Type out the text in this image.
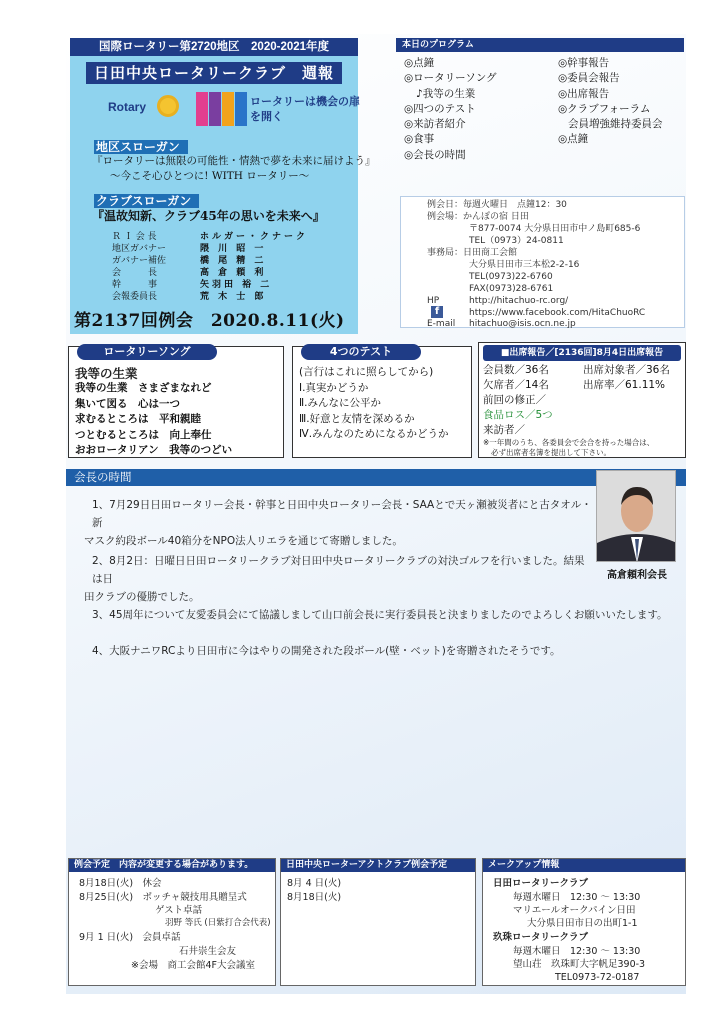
国際ロータリー第2720地区　2020-2021年度
日田中央ロータリークラブ　週報
Rotary	ロータリーは機会の扉を開く
地区スローガン
『ロータリーは無限の可能性・情熱で夢を未来に届けよう』
～今こそ心ひとつに! WITH ロータリー～
クラブスローガン
『温故知新、クラブ45年の思いを未来へ』
Ｒ Ｉ 会 長	ホルガー・クナーク
地区ガバナー	隈 川 昭 一
ガバナー補佐	橋 尾 精 二
会　　　長	高 倉 頼 利
幹　　　事	矢羽田 裕 二
会報委員長	荒 木 士 郎
第2137回例会　2020.8.11(火)
本日のプログラム
◎点鐘
◎ロータリーソング
♪我等の生業
◎四つのテスト
◎来訪者紹介
◎食事
◎会長の時間
◎幹事報告
◎委員会報告
◎出席報告
◎クラブフォーラム
会員増強維持委員会
◎点鐘
例会日：毎週火曜日　点鐘12：30
例会場：かんぽの宿 日田
〒877-0074 大分県日田市中ノ島町685-6
TEL（0973）24-0811
事務局：日田商工会館
大分県日田市三本松2-2-16
TEL(0973)22-6760
FAX(0973)28-6761
HP	http://hitachuo-rc.org/
f	https://www.facebook.com/HitaChuoRC
E-mail hitachuo@isis.ocn.ne.jp
ロータリーソング
我等の生業
我等の生業　さまざまなれど
集いて図る　心は一つ
求むるところは　平和親睦
つとむるところは　向上奉仕
おおロータリアン　我等のつどい
4つのテスト
(言行はこれに照らしてから)
Ⅰ.真実かどうか
Ⅱ.みんなに公平か
Ⅲ.好意と友情を深めるか
Ⅳ.みんなのためになるかどうか
■出席報告／[2136回]8月4日出席報告
会員数／36名	出席対象者／36名
欠席者／14名	出席率／61.11%
前回の修正／
食品ロス／5つ
来訪者／
※一年間のうち、各委員会で会合を持った場合は、
必ず出席者名簿を提出して下さい。
会長の時間
1、7月29日日田ロータリー会長・幹事と日田中央ロータリー会長・SAAとで天ヶ瀬被災者にと古タオル・新
マスク約段ボール40箱分をNPO法人リエラを通じて寄贈しました。
2、8月2日：日曜日日田ロータリークラブ対日田中央ロータリークラブの対決ゴルフを行いました。結果は日
田クラブの優勝でした。
3、45周年について友愛委員会にて協議しまして山口前会長に実行委員長と決まりましたのでよろしくお願いいたします。
4、大阪ナニワRCより日田市に今はやりの開発された段ボール(壁・ベット)を寄贈されたそうです。
高倉頼利会長
例会予定　内容が変更する場合があります。
8月18日(火)　休会
8月25日(火)　ボッチャ競技用具贈呈式
ゲスト卓話
羽野 等氏 (日紫打合会代表)
9月 1 日(火)　会員卓話
石井崇生会友
※会場　商工会館4F大会議室
日田中央ローターアクトクラブ例会予定
8月 4 日(火)
8月18日(火)
メークアップ情報
日田ロータリークラブ
毎週水曜日　12:30 ～ 13:30
マリエールオークパイン日田
大分県日田市日の出町1-1
玖珠ロータリークラブ
毎週木曜日　12:30 ～ 13:30
望山荘　玖珠町大字帆足390-3
TEL0973-72-0187
